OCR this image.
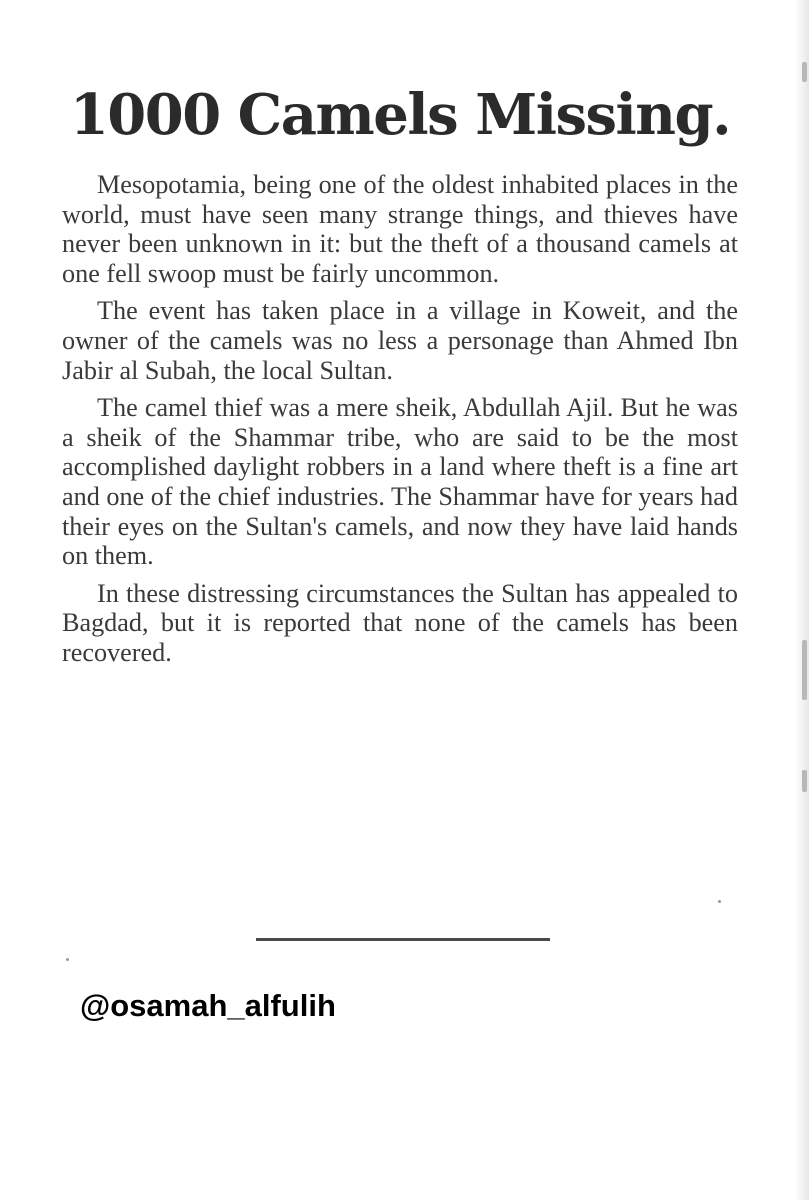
1000 Camels Missing.

Mesopotamia, being one of the oldest inhabited places in the world, must have seen many strange things, and thieves have never been unknown in it: but the theft of a thousand camels at one fell swoop must be fairly uncommon.

The event has taken place in a village in Koweit, and the owner of the camels was no less a personage than Ahmed Ibn Jabir al Subah, the local Sultan.

The camel thief was a mere sheik, Abdullah Ajil. But he was a sheik of the Shammar tribe, who are said to be the most accomplished daylight robbers in a land where theft is a fine art and one of the chief industries. The Shammar have for years had their eyes on the Sultan's camels, and now they have laid hands on them.

In these distressing circumstances the Sultan has appealed to Bagdad, but it is reported that none of the camels has been recovered.

@osamah_alfulih
